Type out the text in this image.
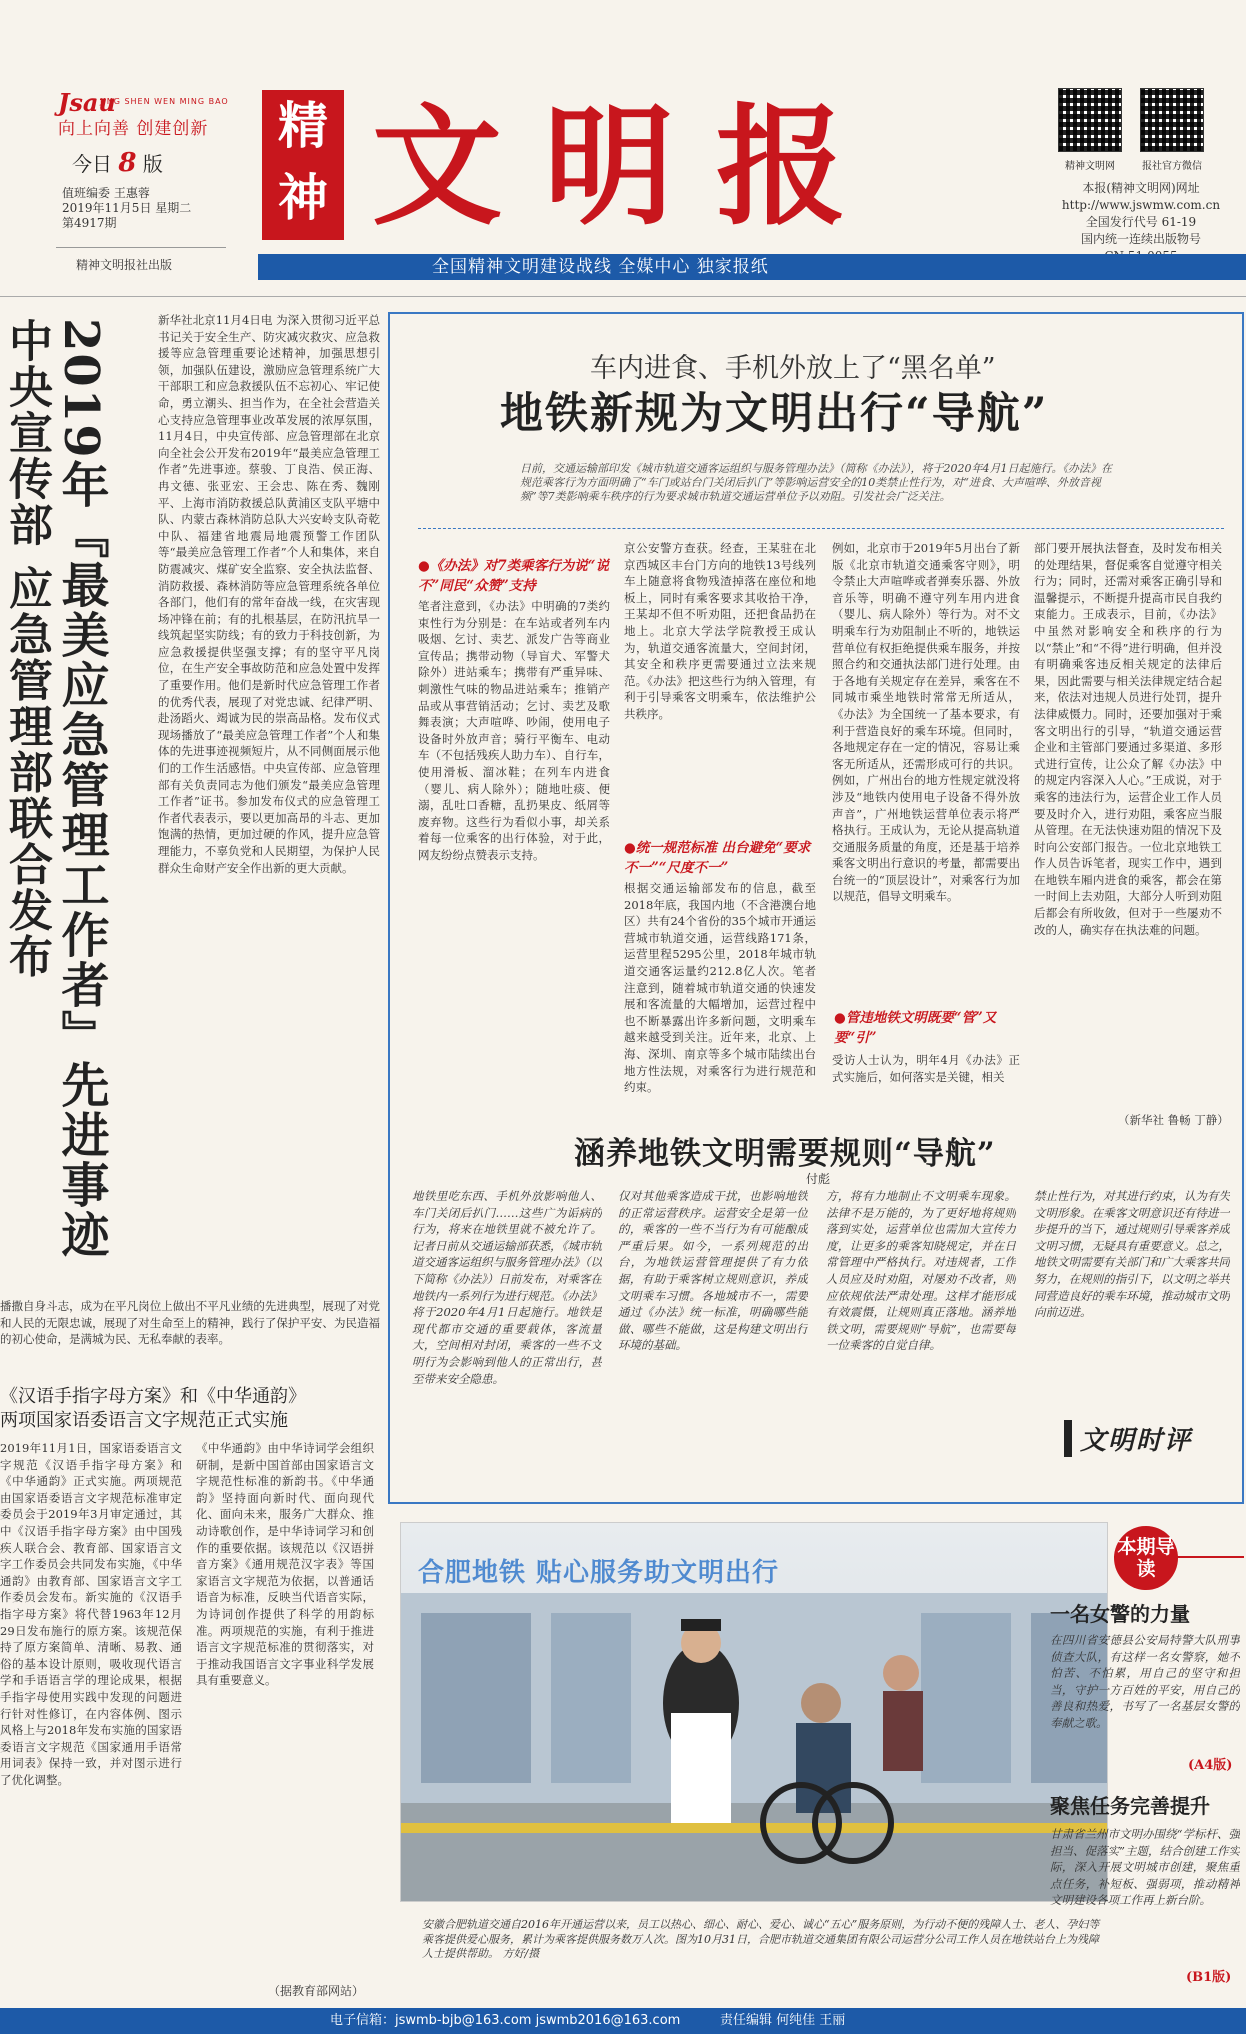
Jsau
JING SHEN WEN MING BAO
向上向善 创建创新
今日 8 版
值班编委 王惠蓉
2019年11月5日 星期二
第4917期
精神文明报社出版
精神 文明报	精神文明网	报社官方微信
本报(精神文明网)网址
http://www.jswmw.com.cn
全国发行代号 61-19
国内统一连续出版物号
全国精神文明建设战线 全媒中心 独家报纸
中央宣传部 应急管理部联合发布 2019年『最美应急管理工作者』先进事迹	新华社北京11月4日电 为深入贯彻习近平总书记关于安全生产、防灾减灾救灾、应急救援等应急管理重要论述精神，加强思想引领，加强队伍建设，激励应急管理系统广大干部职工和应急救援队伍不忘初心、牢记使命，勇立潮头、担当作为，在全社会营造关心支持应急管理事业改革发展的浓厚氛围，11月4日，中央宣传部、应急管理部在北京向全社会公开发布2019年“最美应急管理工作者”先进事迹。蔡骏、丁良浩、侯正海、冉文德、张亚宏、王会忠、陈在秀、魏刚平、上海市消防救援总队黄浦区支队平塘中队、内蒙古森林消防总队大兴安岭支队奇乾中队、福建省地震局地震预警工作团队等“最美应急管理工作者”个人和集体，来自防震减灾、煤矿安全监察、安全执法监督、消防救援、森林消防等应急管理系统各单位各部门，他们有的常年奋战一线，在灾害现场冲锋在前；有的扎根基层，在防汛抗旱一线筑起坚实防线；有的致力于科技创新，为应急救援提供坚强支撑；有的坚守平凡岗位，在生产安全事故防范和应急处置中发挥了重要作用。他们是新时代应急管理工作者的优秀代表，展现了对党忠诚、纪律严明、赴汤蹈火、竭诚为民的崇高品格。发布仪式现场播放了“最美应急管理工作者”个人和集体的先进事迹视频短片，从不同侧面展示他们的工作生活感悟。中央宣传部、应急管理部有关负责同志为他们颁发“最美应急管理工作者”证书。参加发布仪式的应急管理工作者代表表示，要以更加高昂的斗志、更加饱满的热情，更加过硬的作风，提升应急管理能力，不辜负党和人民期望，为保护人民群众生命财产安全作出新的更大贡献。
播撒自身斗志，成为在平凡岗位上做出不平凡业绩的先进典型，展现了对党和人民的无限忠诚，展现了对生命至上的精神，践行了保护平安、为民造福的初心使命，是满城为民、无私奉献的表率。
车内进食、手机外放上了“黑名单”
地铁新规为文明出行“导航”
日前，交通运输部印发《城市轨道交通客运组织与服务管理办法》（简称《办法》），将于2020年4月1日起施行。《办法》在规范乘客行为方面明确了“车门或站台门关闭后扒门”等影响运营安全的10类禁止性行为，对“进食、大声喧哗、外放音视频”等7类影响乘车秩序的行为要求城市轨道交通运营单位予以劝阻。引发社会广泛关注。
●《办法》对7类乘客行为说“说不”同民“众赞”支持
笔者注意到，《办法》中明确的7类约束性行为分别是：在车站或者列车内吸烟、乞讨、卖艺、派发广告等商业宣传品；携带动物（导盲犬、军警犬除外）进站乘车；携带有严重异味、刺激性气味的物品进站乘车；推销产品或从事营销活动；乞讨、卖艺及歌舞表演；大声喧哗、吵闹，使用电子设备时外放声音；骑行平衡车、电动车（不包括残疾人助力车）、自行车，使用滑板、溜冰鞋；在列车内进食（婴儿、病人除外）；随地吐痰、便溺，乱吐口香糖，乱扔果皮、纸屑等废弃物。这些行为看似小事，却关系着每一位乘客的出行体验，对于此，网友纷纷点赞表示支持。
京公安警方查获。经查，王某驻在北京西城区丰台门方向的地铁13号线列车上随意将食物残渣掉落在座位和地板上，同时有乘客要求其收拾干净，王某却不但不听劝阻，还把食品扔在地上。北京大学法学院教授王成认为，轨道交通客流量大，空间封闭，其安全和秩序更需要通过立法来规范。《办法》把这些行为纳入管理，有利于引导乘客文明乘车，依法维护公共秩序。
●统一规范标准 出台避免“要求不一”“尺度不一”
根据交通运输部发布的信息，截至2018年底，我国内地（不含港澳台地区）共有24个省份的35个城市开通运营城市轨道交通，运营线路171条，运营里程5295公里，2018年城市轨道交通客运量约212.8亿人次。笔者注意到，随着城市轨道交通的快速发展和客流量的大幅增加，运营过程中也不断暴露出许多新问题，文明乘车越来越受到关注。近年来，北京、上海、深圳、南京等多个城市陆续出台地方性法规，对乘客行为进行规范和约束。
例如，北京市于2019年5月出台了新版《北京市轨道交通乘客守则》，明令禁止大声喧哗或者弹奏乐器、外放音乐等，明确不遵守列车用内进食（婴儿、病人除外）等行为。对不文明乘车行为劝阻制止不听的，地铁运营单位有权拒绝提供乘车服务，并按照合约和交通执法部门进行处理。由于各地有关规定存在差异，乘客在不同城市乘坐地铁时常常无所适从，《办法》为全国统一了基本要求，有利于营造良好的乘车环境。但同时，各地规定存在一定的情况，容易让乘客无所适从，还需形成可行的共识。例如，广州出台的地方性规定就没将涉及“地铁内使用电子设备不得外放声音”，广州地铁运营单位表示将严格执行。王成认为，无论从提高轨道交通服务质量的角度，还是基于培养乘客文明出行意识的考量，都需要出台统一的“顶层设计”，对乘客行为加以规范，倡导文明乘车。
●管违地铁文明既要“管”又要“引”
受访人士认为，明年4月《办法》正式实施后，如何落实是关键，相关
部门要开展执法督查，及时发布相关的处理结果，督促乘客自觉遵守相关行为；同时，还需对乘客正确引导和温馨提示，不断提升提高市民自我约束能力。王成表示，目前，《办法》中虽然对影响安全和秩序的行为以“禁止”和“不得”进行明确，但并没有明确乘客违反相关规定的法律后果，因此需要与相关法律规定结合起来，依法对违规人员进行处罚，提升法律威慑力。同时，还要加强对于乘客文明出行的引导，“轨道交通运营企业和主管部门要通过多渠道、多形式进行宣传，让公众了解《办法》中的规定内容深入人心。”王成说，对于乘客的违法行为，运营企业工作人员要及时介入，进行劝阻，乘客应当服从管理。在无法快速劝阻的情况下及时向公安部门报告。一位北京地铁工作人员告诉笔者，现实工作中，遇到在地铁车厢内进食的乘客，都会在第一时间上去劝阻，大部分人听到劝阻后都会有所收敛，但对于一些屡劝不改的人，确实存在执法难的问题。
（新华社 鲁畅 丁静）
涵养地铁文明需要规则“导航”
付彪
地铁里吃东西、手机外放影响他人、车门关闭后扒门……这些广为诟病的行为，将来在地铁里就不被允许了。记者日前从交通运输部获悉，《城市轨道交通客运组织与服务管理办法》（以下简称《办法》）日前发布，对乘客在地铁内一系列行为进行规范。《办法》将于2020年4月1日起施行。地铁是现代都市交通的重要载体，客流量大，空间相对封闭，乘客的一些不文明行为会影响到他人的正常出行，甚至带来安全隐患。
仅对其他乘客造成干扰，也影响地铁的正常运营秩序。运营安全是第一位的，乘客的一些不当行为有可能酿成严重后果。如今，一系列规范的出台，为地铁运营管理提供了有力依据，有助于乘客树立规则意识，养成文明乘车习惯。各地城市不一，需要通过《办法》统一标准，明确哪些能做、哪些不能做，这是构建文明出行环境的基础。
方，将有力地制止不文明乘车现象。法律不是万能的，为了更好地将规则落到实处，运营单位也需加大宣传力度，让更多的乘客知晓规定，并在日常管理中严格执行。对违规者，工作人员应及时劝阻，对屡劝不改者，则应依规依法严肃处理。这样才能形成有效震慑，让规则真正落地。涵养地铁文明，需要规则“导航”，也需要每一位乘客的自觉自律。
禁止性行为，对其进行约束，认为有失文明形象。在乘客文明意识还有待进一步提升的当下，通过规则引导乘客养成文明习惯，无疑具有重要意义。总之，地铁文明需要有关部门和广大乘客共同努力，在规则的指引下，以文明之举共同营造良好的乘车环境，推动城市文明向前迈进。
文明时评
《汉语手指字母方案》和《中华通韵》
两项国家语委语言文字规范正式实施
2019年11月1日，国家语委语言文字规范《汉语手指字母方案》和《中华通韵》正式实施。两项规范由国家语委语言文字规范标准审定委员会于2019年3月审定通过，其中《汉语手指字母方案》由中国残疾人联合会、教育部、国家语言文字工作委员会共同发布实施，《中华通韵》由教育部、国家语言文字工作委员会发布。新实施的《汉语手指字母方案》将代替1963年12月29日发布施行的原方案。该规范保持了原方案简单、清晰、易教、通俗的基本设计原则，吸收现代语言学和手语语言学的理论成果，根据手指字母使用实践中发现的问题进行针对性修订，在内容体例、图示风格上与2018年发布实施的国家语委语言文字规范《国家通用手语常用词表》保持一致，并对图示进行了优化调整。
《中华通韵》由中华诗词学会组织研制，是新中国首部由国家语言文字规范性标准的新韵书。《中华通韵》坚持面向新时代、面向现代化、面向未来，服务广大群众、推动诗歌创作，是中华诗词学习和创作的重要依据。该规范以《汉语拼音方案》《通用规范汉字表》等国家语言文字规范为依据，以普通话语音为标准，反映当代语音实际，为诗词创作提供了科学的用韵标准。两项规范的实施，有利于推进语言文字规范标准的贯彻落实，对于推动我国语言文字事业科学发展具有重要意义。
（据教育部网站）
合肥地铁 贴心服务助文明出行
安徽合肥轨道交通自2016年开通运营以来，员工以热心、细心、耐心、爱心、诚心“五心”服务原则，为行动不便的残障人士、老人、孕妇等乘客提供爱心服务，累计为乘客提供服务数万人次。图为10月31日，合肥市轨道交通集团有限公司运营分公司工作人员在地铁站台上为残障人士提供帮助。 方好/摄
本期导读
一名女警的力量
在四川省安德县公安局特警大队刑事侦查大队，有这样一名女警察，她不怕苦、不怕累，用自己的坚守和担当，守护一方百姓的平安，用自己的善良和热爱，书写了一名基层女警的奉献之歌。
(A4版)
聚焦任务完善提升
甘肃省兰州市文明办围绕“学标杆、强担当、促落实”主题，结合创建工作实际，深入开展文明城市创建，聚焦重点任务，补短板、强弱项，推动精神文明建设各项工作再上新台阶。
(B1版)
电子信箱：jswmb-bjb@163.com jswmb2016@163.com	责任编辑 何纯佳 王丽
